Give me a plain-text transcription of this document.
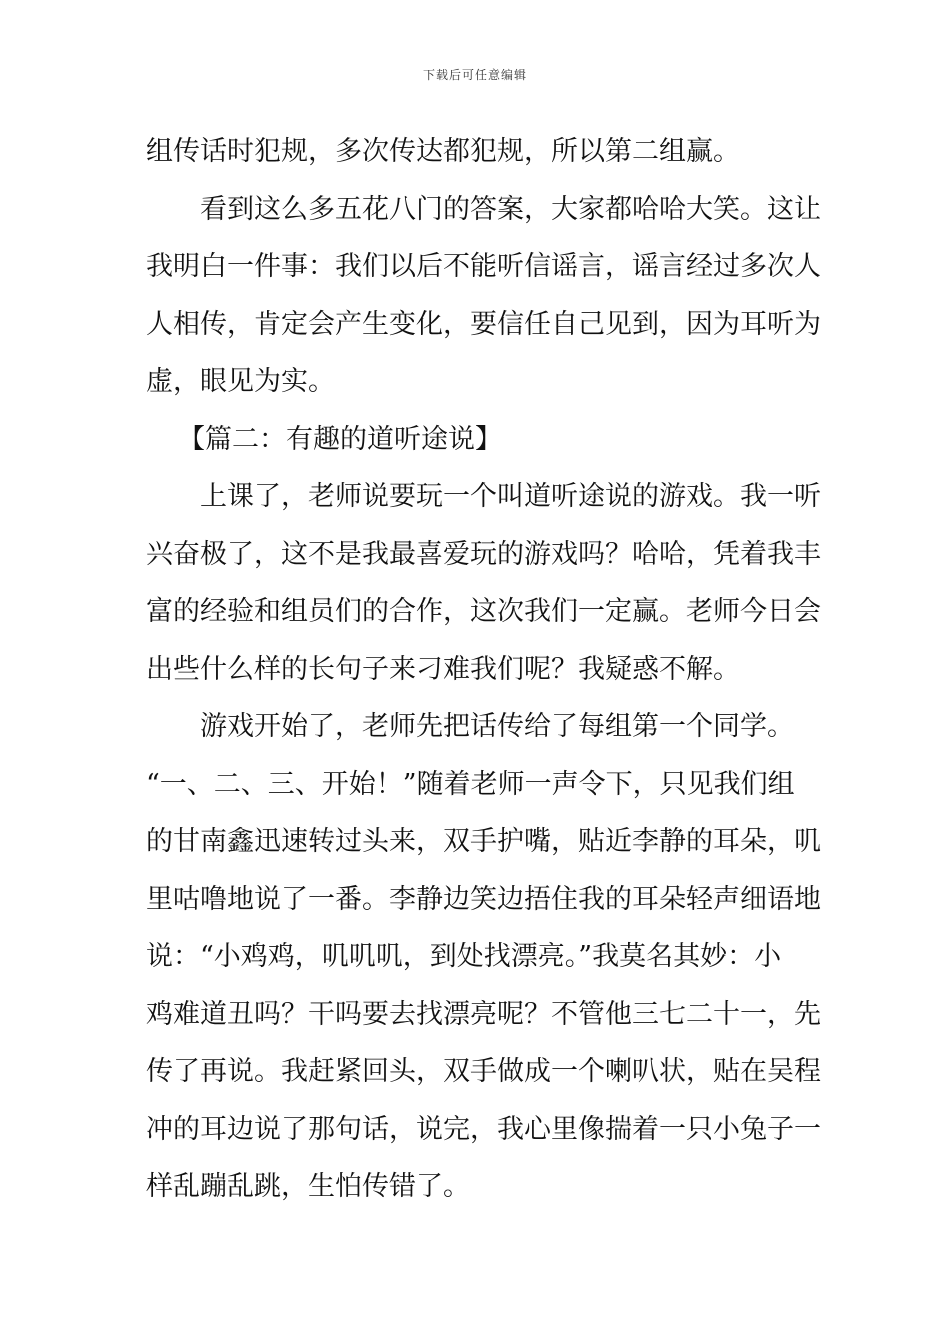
下载后可任意编辑
组传话时犯规，多次传达都犯规，所以第二组赢。
看到这么多五花八门的答案，大家都哈哈大笑。这让
我明白一件事：我们以后不能听信谣言，谣言经过多次人
人相传，肯定会产生变化，要信任自己见到，因为耳听为
虚，眼见为实。
【篇二：有趣的道听途说】
上课了，老师说要玩一个叫道听途说的游戏。我一听
兴奋极了，这不是我最喜爱玩的游戏吗？哈哈，凭着我丰
富的经验和组员们的合作，这次我们一定赢。老师今日会
出些什么样的长句子来刁难我们呢？我疑惑不解。
游戏开始了，老师先把话传给了每组第一个同学。
“一、二、三、开始！”随着老师一声令下，只见我们组
的甘南鑫迅速转过头来，双手护嘴，贴近李静的耳朵，叽
里咕噜地说了一番。李静边笑边捂住我的耳朵轻声细语地
说：“小鸡鸡，叽叽叽，到处找漂亮。”我莫名其妙：小
鸡难道丑吗？干吗要去找漂亮呢？不管他三七二十一，先
传了再说。我赶紧回头，双手做成一个喇叭状，贴在吴程
冲的耳边说了那句话，说完，我心里像揣着一只小兔子一
样乱蹦乱跳，生怕传错了。
